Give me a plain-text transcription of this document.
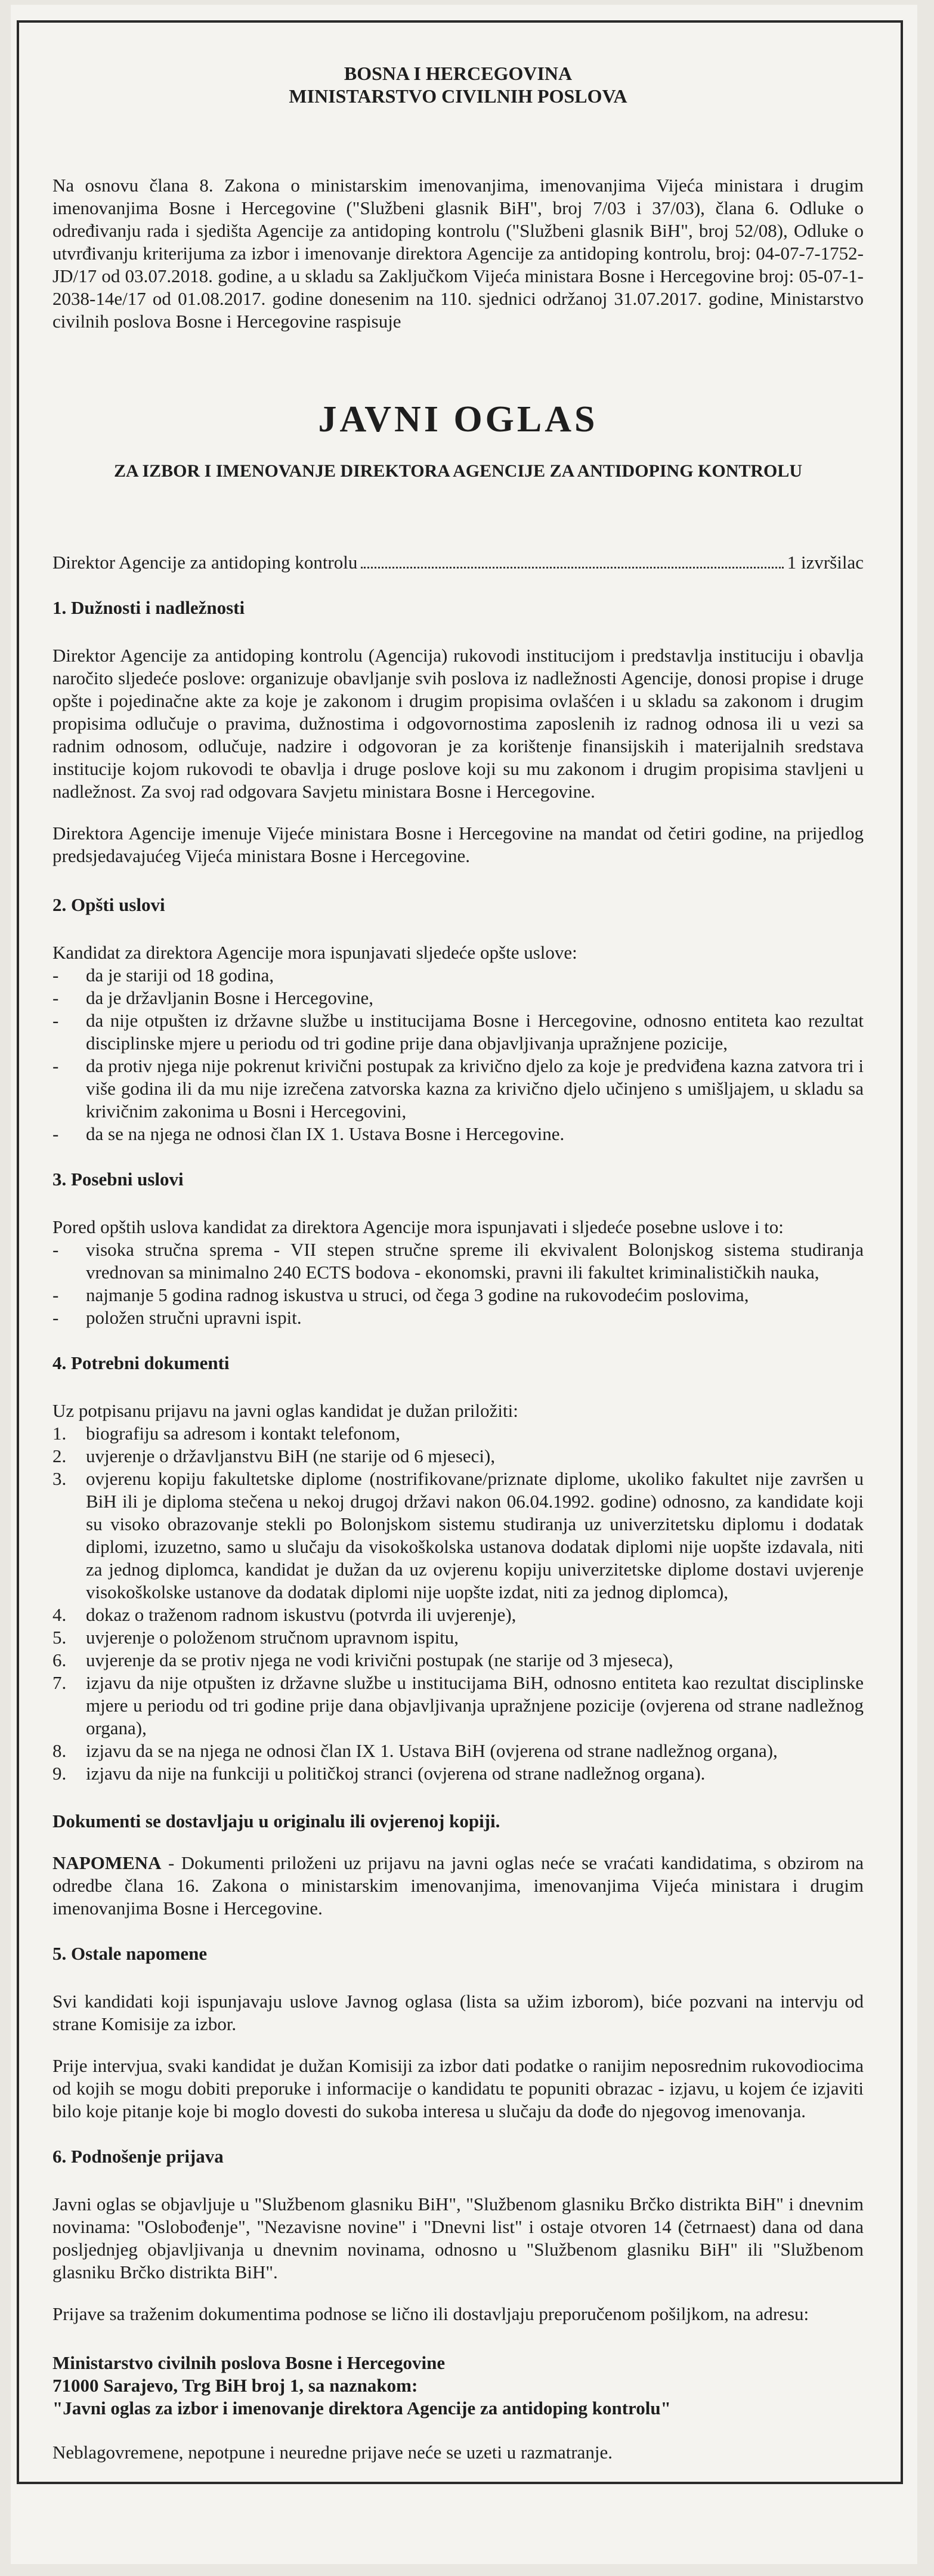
BOSNA I HERCEGOVINA

MINISTARSTVO CIVILNIH POSLOVA

Na osnovu člana 8. Zakona o ministarskim imenovanjima, imenovanjima Vijeća ministara i drugim imenovanjima Bosne i Hercegovine ("Službeni glasnik BiH", broj 7/03 i 37/03), člana 6. Odluke o određivanju rada i sjedišta Agencije za antidoping kontrolu ("Službeni glasnik BiH", broj 52/08), Odluke o utvrđivanju kriterijuma za izbor i imenovanje direktora Agencije za antidoping kontrolu, broj: 04-07-7-1752-JD/17 od 03.07.2018. godine, a u skladu sa Zaključkom Vijeća ministara Bosne i Hercegovine broj: 05-07-1-2038-14e/17 od 01.08.2017. godine donesenim na 110. sjednici održanoj 31.07.2017. godine, Ministarstvo civilnih poslova Bosne i Hercegovine raspisuje

JAVNI OGLAS
ZA IZBOR I IMENOVANJE DIREKTORA AGENCIJE ZA ANTIDOPING KONTROLU
Direktor Agencije za antidoping kontrolu	1 izvršilac
1. Dužnosti i nadležnosti

Direktor Agencije za antidoping kontrolu (Agencija) rukovodi institucijom i predstavlja instituciju i obavlja naročito sljedeće poslove: organizuje obavljanje svih poslova iz nadležnosti Agencije, donosi propise i druge opšte i pojedinačne akte za koje je zakonom i drugim propisima ovlašćen i u skladu sa zakonom i drugim propisima odlučuje o pravima, dužnostima i odgovornostima zaposlenih iz radnog odnosa ili u vezi sa radnim odnosom, odlučuje, nadzire i odgovoran je za korištenje finansijskih i materijalnih sredstava institucije kojom rukovodi te obavlja i druge poslove koji su mu zakonom i drugim propisima stavljeni u nadležnost. Za svoj rad odgovara Savjetu ministara Bosne i Hercegovine.

Direktora Agencije imenuje Vijeće ministara Bosne i Hercegovine na mandat od četiri godine, na prijedlog predsjedavajućeg Vijeća ministara Bosne i Hercegovine.

2. Opšti uslovi

Kandidat za direktora Agencije mora ispunjavati sljedeće opšte uslove:

- da je stariji od 18 godina,
- da je državljanin Bosne i Hercegovine,
- da nije otpušten iz državne službe u institucijama Bosne i Hercegovine, odnosno entiteta kao rezultat disciplinske mjere u periodu od tri godine prije dana objavljivanja upražnjene pozicije,
- da protiv njega nije pokrenut krivični postupak za krivično djelo za koje je predviđena kazna zatvora tri i više godina ili da mu nije izrečena zatvorska kazna za krivično djelo učinjeno s umišljajem, u skladu sa krivičnim zakonima u Bosni i Hercegovini,
- da se na njega ne odnosi član IX 1. Ustava Bosne i Hercegovine.
3. Posebni uslovi

Pored opštih uslova kandidat za direktora Agencije mora ispunjavati i sljedeće posebne uslove i to:

- visoka stručna sprema - VII stepen stručne spreme ili ekvivalent Bolonjskog sistema studiranja vrednovan sa minimalno 240 ECTS bodova - ekonomski, pravni ili fakultet kriminalističkih nauka,
- najmanje 5 godina radnog iskustva u struci, od čega 3 godine na rukovodećim poslovima,
- položen stručni upravni ispit.
4. Potrebni dokumenti

Uz potpisanu prijavu na javni oglas kandidat je dužan priložiti:

1. biografiju sa adresom i kontakt telefonom,
2. uvjerenje o državljanstvu BiH (ne starije od 6 mjeseci),
3. ovjerenu kopiju fakultetske diplome (nostrifikovane/priznate diplome, ukoliko fakultet nije završen u BiH ili je diploma stečena u nekoj drugoj državi nakon 06.04.1992. godine) odnosno, za kandidate koji su visoko obrazovanje stekli po Bolonjskom sistemu studiranja uz univerzitetsku diplomu i dodatak diplomi, izuzetno, samo u slučaju da visokoškolska ustanova dodatak diplomi nije uopšte izdavala, niti za jednog diplomca, kandidat je dužan da uz ovjerenu kopiju univerzitetske diplome dostavi uvjerenje visokoškolske ustanove da dodatak diplomi nije uopšte izdat, niti za jednog diplomca),
4. dokaz o traženom radnom iskustvu (potvrda ili uvjerenje),
5. uvjerenje o položenom stručnom upravnom ispitu,
6. uvjerenje da se protiv njega ne vodi krivični postupak (ne starije od 3 mjeseca),
7. izjavu da nije otpušten iz državne službe u institucijama BiH, odnosno entiteta kao rezultat disciplinske mjere u periodu od tri godine prije dana objavljivanja upražnjene pozicije (ovjerena od strane nadležnog organa),
8. izjavu da se na njega ne odnosi član IX 1. Ustava BiH (ovjerena od strane nadležnog organa),
9. izjavu da nije na funkciji u političkoj stranci (ovjerena od strane nadležnog organa).

Dokumenti se dostavljaju u originalu ili ovjerenoj kopiji.

NAPOMENA - Dokumenti priloženi uz prijavu na javni oglas neće se vraćati kandidatima, s obzirom na odredbe člana 16. Zakona o ministarskim imenovanjima, imenovanjima Vijeća ministara i drugim imenovanjima Bosne i Hercegovine.

5. Ostale napomene

Svi kandidati koji ispunjavaju uslove Javnog oglasa (lista sa užim izborom), biće pozvani na intervju od strane Komisije za izbor.

Prije intervjua, svaki kandidat je dužan Komisiji za izbor dati podatke o ranijim neposrednim rukovodiocima od kojih se mogu dobiti preporuke i informacije o kandidatu te popuniti obrazac - izjavu, u kojem će izjaviti bilo koje pitanje koje bi moglo dovesti do sukoba interesa u slučaju da dođe do njegovog imenovanja.

6. Podnošenje prijava

Javni oglas se objavljuje u "Službenom glasniku BiH", "Službenom glasniku Brčko distrikta BiH" i dnevnim novinama: "Oslobođenje", "Nezavisne novine" i "Dnevni list" i ostaje otvoren 14 (četrnaest) dana od dana posljednjeg objavljivanja u dnevnim novinama, odnosno u "Službenom glasniku BiH" ili "Službenom glasniku Brčko distrikta BiH".

Prijave sa traženim dokumentima podnose se lično ili dostavljaju preporučenom pošiljkom, na adresu:

Ministarstvo civilnih poslova Bosne i Hercegovine
71000 Sarajevo, Trg BiH broj 1, sa naznakom:
"Javni oglas za izbor i imenovanje direktora Agencije za antidoping kontrolu"

Neblagovremene, nepotpune i neuredne prijave neće se uzeti u razmatranje.
